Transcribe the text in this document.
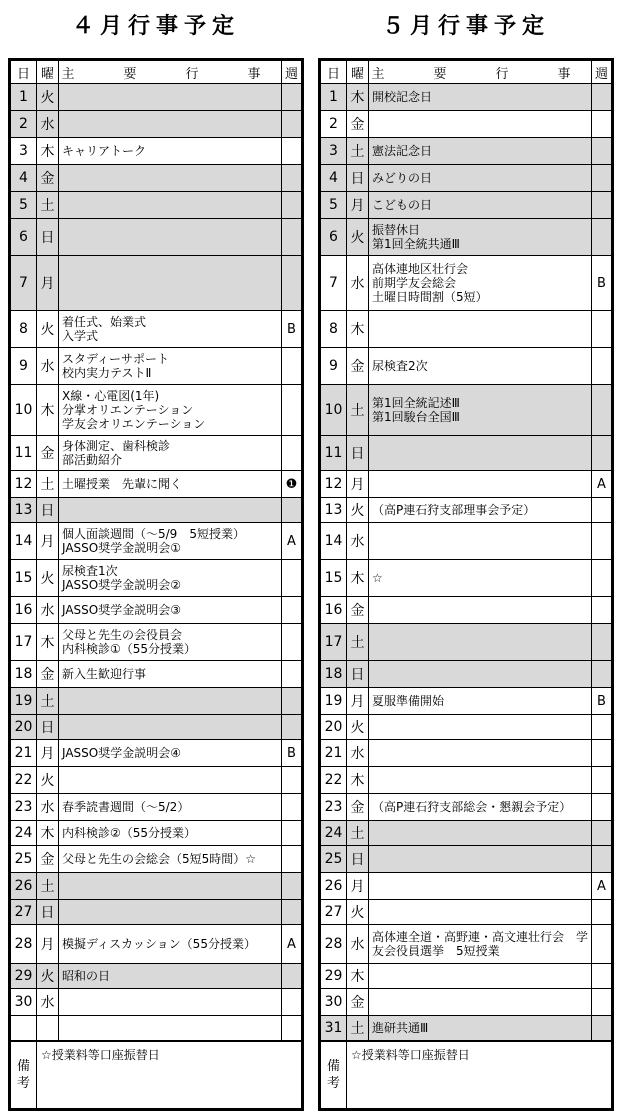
４月行事予定	５月行事予定
日	曜	主　要　行　事	週
1	火		
2	水		
3	木	キャリアトーク	
4	金		
5	土		
6	日		
7	月		
8	火	着任式、始業式
入学式	B
9	水	スタディーサポート
校内実力テストⅡ	
10	木	X線・心電図(1年)
分掌オリエンテーション
学友会オリエンテーション	
11	金	身体測定、歯科検診
部活動紹介	
12	土	土曜授業　先輩に聞く	❶
13	日		
14	月	個人面談週間（～5/9　5短授業）
JASSO奨学金説明会①	A
15	火	尿検査1次
JASSO奨学金説明会②	
16	水	JASSO奨学金説明会③	
17	木	父母と先生の会役員会
内科検診①（55分授業）	
18	金	新入生歓迎行事	
19	土		
20	日		
21	月	JASSO奨学金説明会④	B
22	火		
23	水	春季読書週間（～5/2）	
24	木	内科検診②（55分授業）	
25	金	父母と先生の会総会（5短5時間）☆	
26	土		
27	日		
28	月	模擬ディスカッション（55分授業）	A
29	火	昭和の日	
30	水		

備
考	☆授業料等口座振替日		
日	曜	主　要　行　事	週
1	木	開校記念日	
2	金		
3	土	憲法記念日	
4	日	みどりの日	
5	月	こどもの日	
6	火	振替休日
第1回全統共通Ⅲ	
7	水	高体連地区壮行会
前期学友会総会
土曜日時間割（5短）	B
8	木		
9	金	尿検査2次	
10	土	第1回全統記述Ⅲ
第1回駿台全国Ⅲ	
11	日		
12	月		A
13	火	（高P連石狩支部理事会予定）	
14	水		
15	木	☆	
16	金		
17	土		
18	日		
19	月	夏服準備開始	B
20	火		
21	水		
22	木		
23	金	（高P連石狩支部総会・懇親会予定）	
24	土		
25	日		
26	月		A
27	火		
28	水	高体連全道・高野連・高文連壮行会　学友会役員選挙　5短授業	
29	木		
30	金		
31	土	進研共通Ⅲ	
備
考	☆授業料等口座振替日		
